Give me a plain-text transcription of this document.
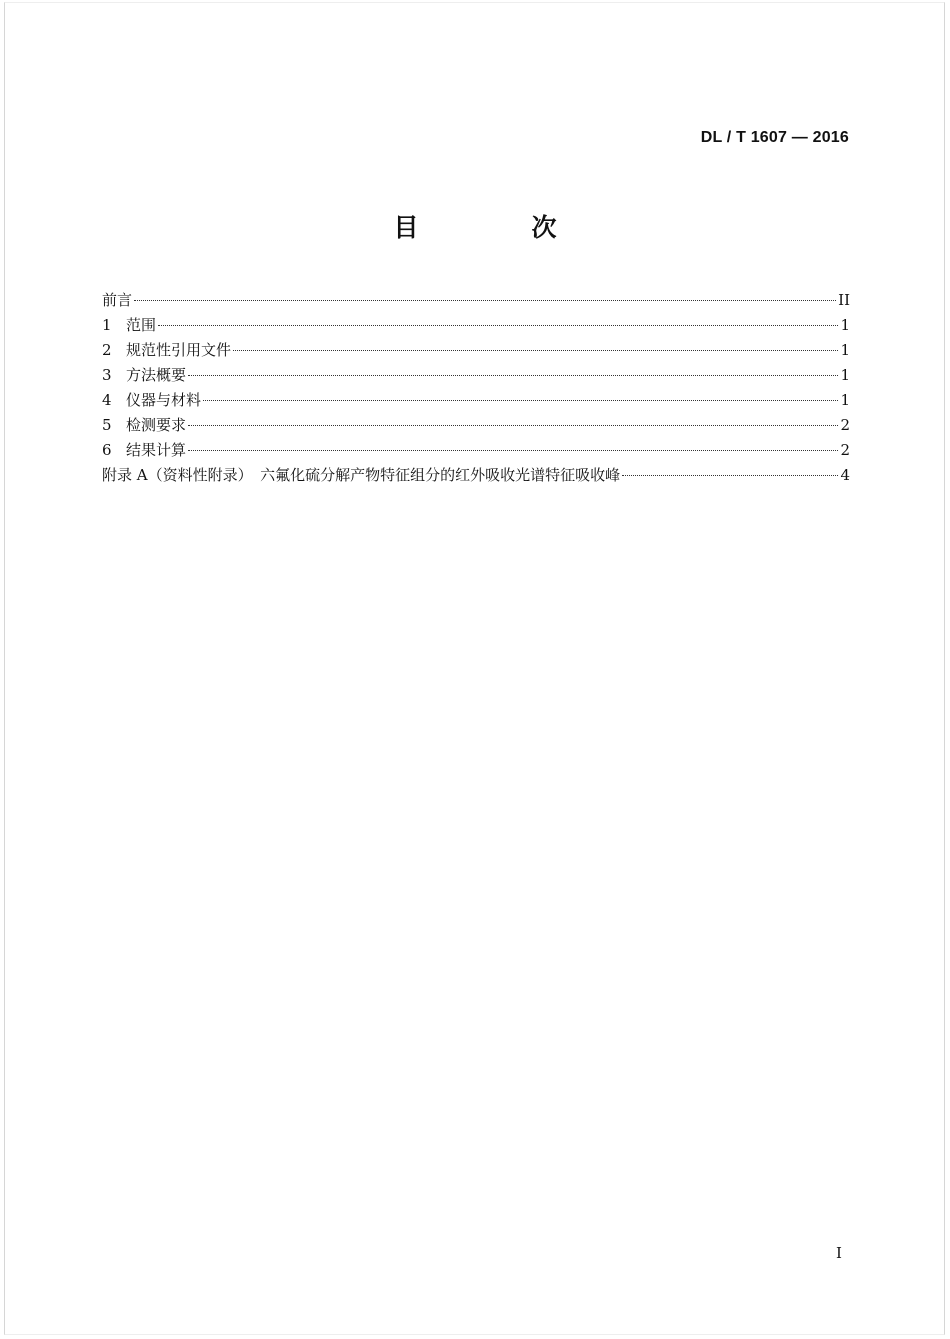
DL / T 1607 — 2016
目　次
前言	II
1 范围	1
2 规范性引用文件	1
3 方法概要	1
4 仪器与材料	1
5 检测要求	2
6 结果计算	2
附录 A（资料性附录）　六氟化硫分解产物特征组分的红外吸收光谱特征吸收峰	4
I
